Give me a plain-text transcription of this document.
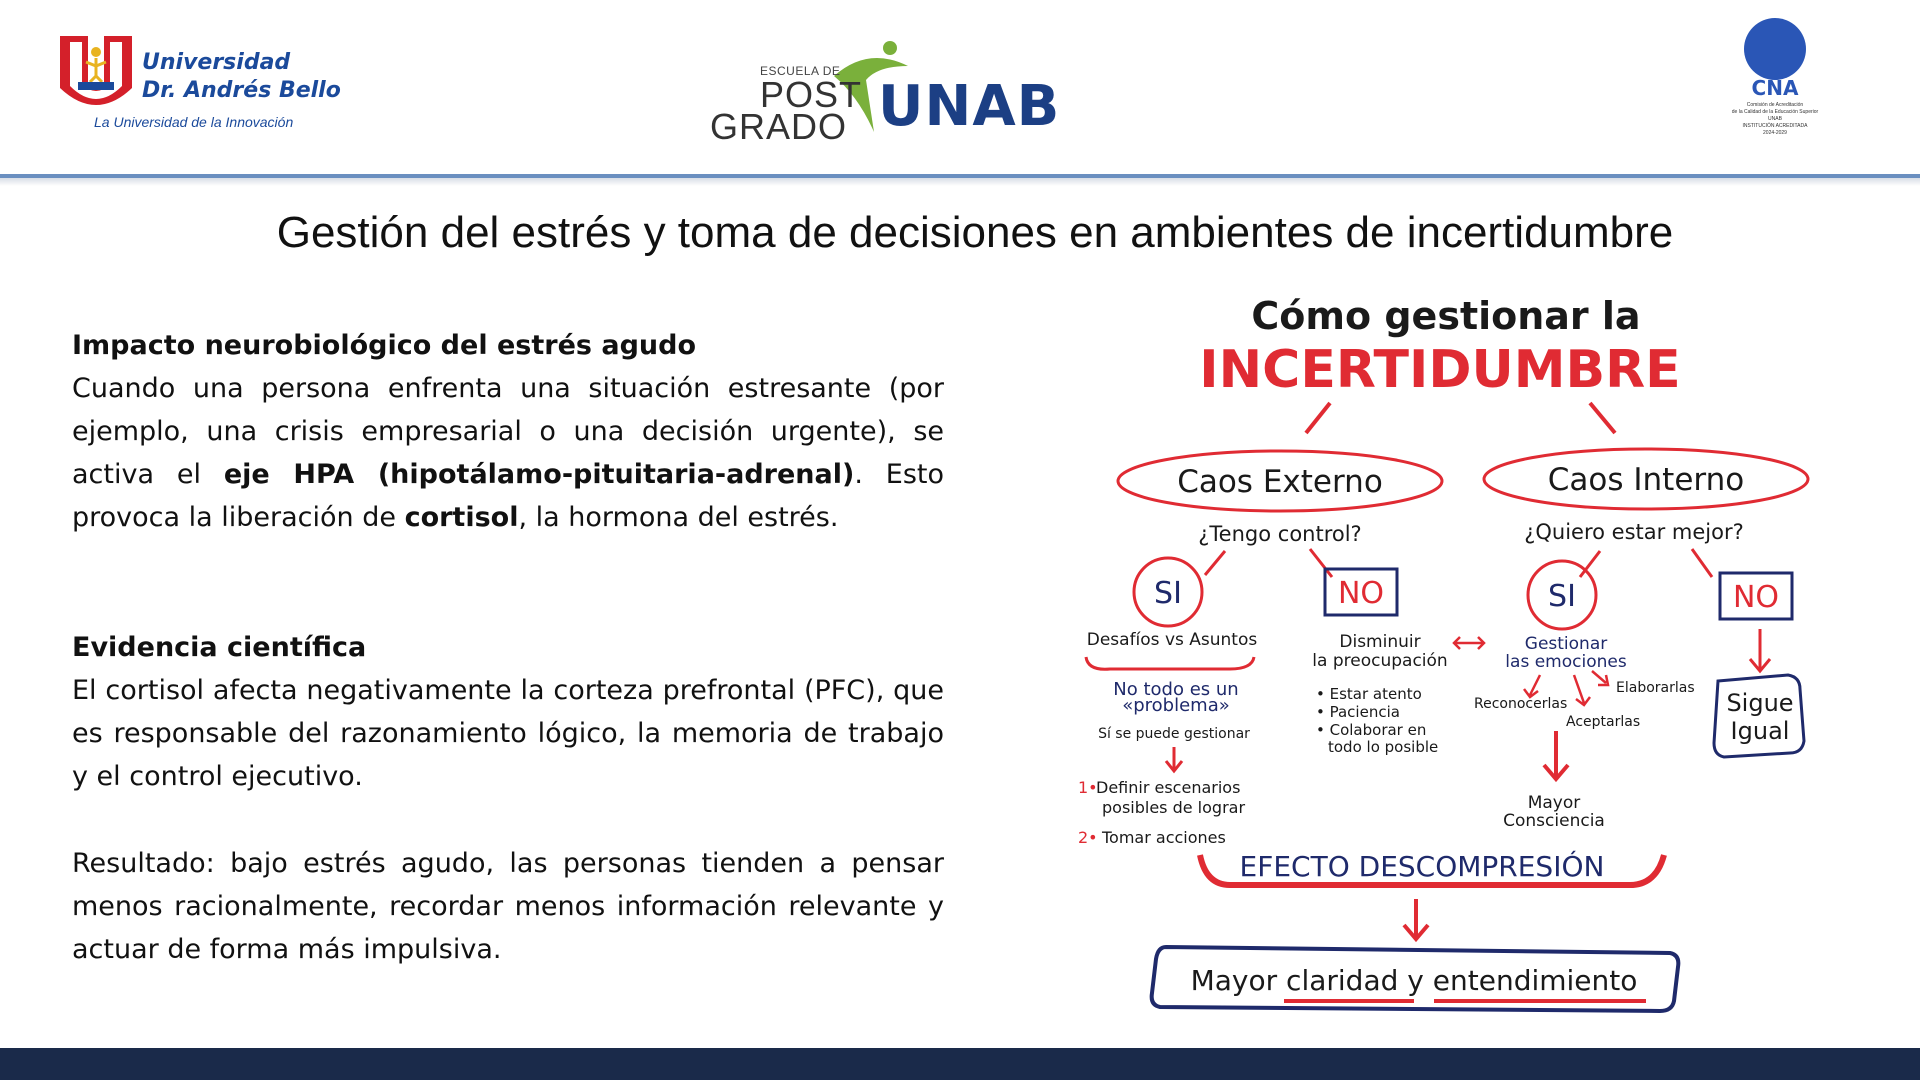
Universidad
Dr. Andrés Bello
La Universidad de la Innovación
ESCUELA DE
POST
GRADO UNAB	CNA
Comisión de Acreditación
de la Calidad de la Educación Superior
UNAB
INSTITUCIÓN ACREDITADA
2024-2029
Gestión del estrés y toma de decisiones en ambientes de incertidumbre
Impacto neurobiológico del estrés agudo
Cuando una persona enfrenta una situación estresante (por ejemplo, una crisis empresarial o una decisión urgente), se activa el eje HPA (hipotálamo-pituitaria-adrenal). Esto provoca la liberación de cortisol, la hormona del estrés.
Evidencia científica
El cortisol afecta negativamente la corteza prefrontal (PFC), que es responsable del razonamiento lógico, la memoria de trabajo y el control ejecutivo.
Resultado: bajo estrés agudo, las personas tienden a pensar menos racionalmente, recordar menos información relevante y actuar de forma más impulsiva.
Cómo gestionar la
INCERTIDUMBRE
Caos Externo	Caos Interno
¿Tengo control?	¿Quiero estar mejor?
SI	NO	SI	NO
Desafíos vs Asuntos
No todo es un
«problema»
Sí se puede gestionar
1•
Definir escenarios
posibles de lograr
2• Tomar acciones
Disminuir
la preocupación
• Estar atento
• Paciencia
• Colaborar en
todo lo posible
Gestionar
las emociones
Reconocerlas
Elaborarlas
Aceptarlas
Mayor
Consciencia
Sigue
Igual
EFECTO DESCOMPRESIÓN
Mayor claridad y entendimiento
